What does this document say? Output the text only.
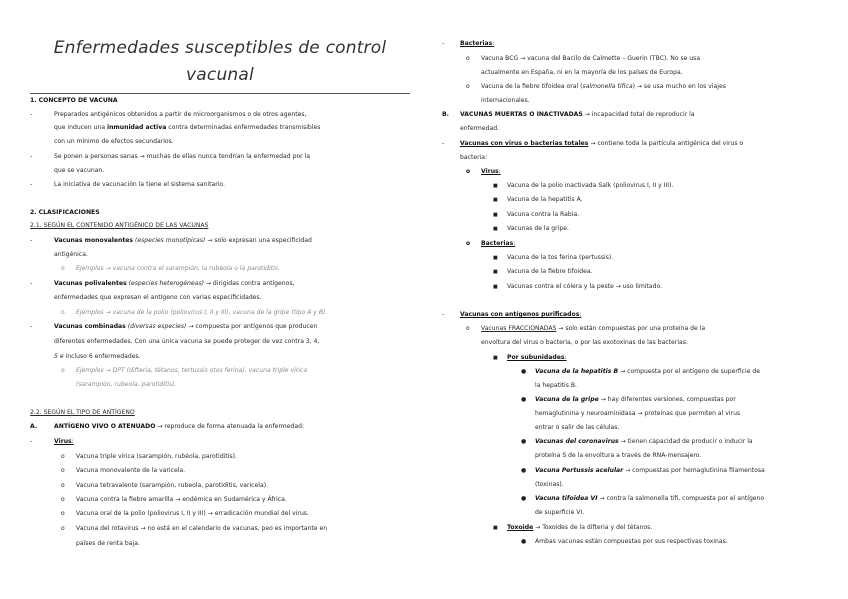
Enfermedades susceptibles de control
vacunal
1. CONCEPTO DE VACUNA
-	Preparados antigénicos obtenidos a partir de microorganismos o de otros agentes,
que inducen una inmunidad activa contra determinadas enfermedades transmisibles
con un mínimo de efectos secundarios.
-	Se ponen a personas sanas → muchas de ellas nunca tendrían la enfermedad por la
que se vacunan.
-	La iniciativa de vacunación la tiene el sistema sanitario.
2. CLASIFICACIONES
2.1. SEGÚN EL CONTENIDO ANTIGÉNICO DE LAS VACUNAS
-	Vacunas monovalentes (especies monotípicas) → solo expresan una especificidad
antigénica.
o Ejemplos → vacuna contra el sarampión, la rubéola o la parotiditis.
-	Vacunas polivalentes (especies heterogéneas) → dirigidas contra antígenos,
enfermedades que expresan el antígeno con varias especificidades.
o Ejemplos → vacuna de la polio (poliovirus I, II y III), vacuna de la gripe (tipo A y B).
-	Vacunas combinadas (diversas especies) → compuesta por antígenos que producen
diferentes enfermedades. Con una única vacuna se puede proteger de vez contra 3, 4,
5 e incluso 6 enfermedades.
o Ejemplos → DPT (difteria, tétanos, tertussis otos ferina), vacuna triple vírica
(sarampión, rubeola, parotiditis).
2.2. SEGÚN EL TIPO DE ANTÍGENO
A.	ANTÍGENO VIVO O ATENUADO → reproduce de forma atenuada la enfermedad:
-	Virus:
o Vacuna triple vírica (sarampión, rubéola, parotiditis).
o Vacuna monovalente de la varicela.
o Vacuna tetravalente (sarampión, rubeola, parotiditis, varicela).
o Vacuna contra la fiebre amarilla → endémica en Sudamérica y África.
o Vacuna oral de la polio (poliovirus I, II y III) → erradicación mundial del virus.
o Vacuna del rotavirus → no está en el calendario de vacunas, peo es importante en
países de renta baja.
-	Bacterias:
o Vacuna BCG → vacuna del Bacilo de Calmette – Guerin (TBC). No se usa
actualmente en España, ni en la mayoría de los países de Europa.
o Vacuna de la fiebre tifoidea oral (salmonella tifica) → se usa mucho en los viajes
internacionales.
B. VACUNAS MUERTAS O INACTIVADAS → incapacidad total de reproducir la
enfermedad.
-	Vacunas con virus o bacterias totales → contiene toda la partícula antigénica del virus o
bacteria:
o Virus:
■ Vacuna de la polio inactivada Salk (poliovirus I, II y III).
■ Vacuna de la hepatitis A.
■ Vacuna contra la Rabia.
■ Vacunas de la gripe.
o Bacterias:
■ Vacuna de la tos ferina (pertussis).
■ Vacuna de la fiebre tifoidea.
■ Vacunas contra el cólera y la peste → uso limitado.
-	Vacunas con antígenos purificados:
o Vacunas FRACCIONADAS → solo están compuestas por una proteína de la
envoltura del virus o bacteria, o por las exotoxinas de las bacterias:
■ Por subunidades:
● Vacuna de la hepatitis B → compuesta por el antígeno de superficie de
la hepatitis B.
● Vacuna de la gripe → hay diferentes versiones, compuestas por
hemaglutinina y neuroaminidasa → proteínas que permiten al virus
entrar o salir de las células.
● Vacunas del coronavirus → tienen capacidad de producir o inducir la
proteína S de la envoltura a través de RNA-mensajero.
● Vacuna Pertussis acelular → compuestas por hemaglutinina filamentosa
(toxinas).
● Vacuna tifoidea VI → contra la salmonella tifi, compuesta por el antígeno
de superficie VI.
■ Toxoide → Toxoides de la difteria y del tétanos.
● Ambas vacunas están compuestas por sus respectivas toxinas.
